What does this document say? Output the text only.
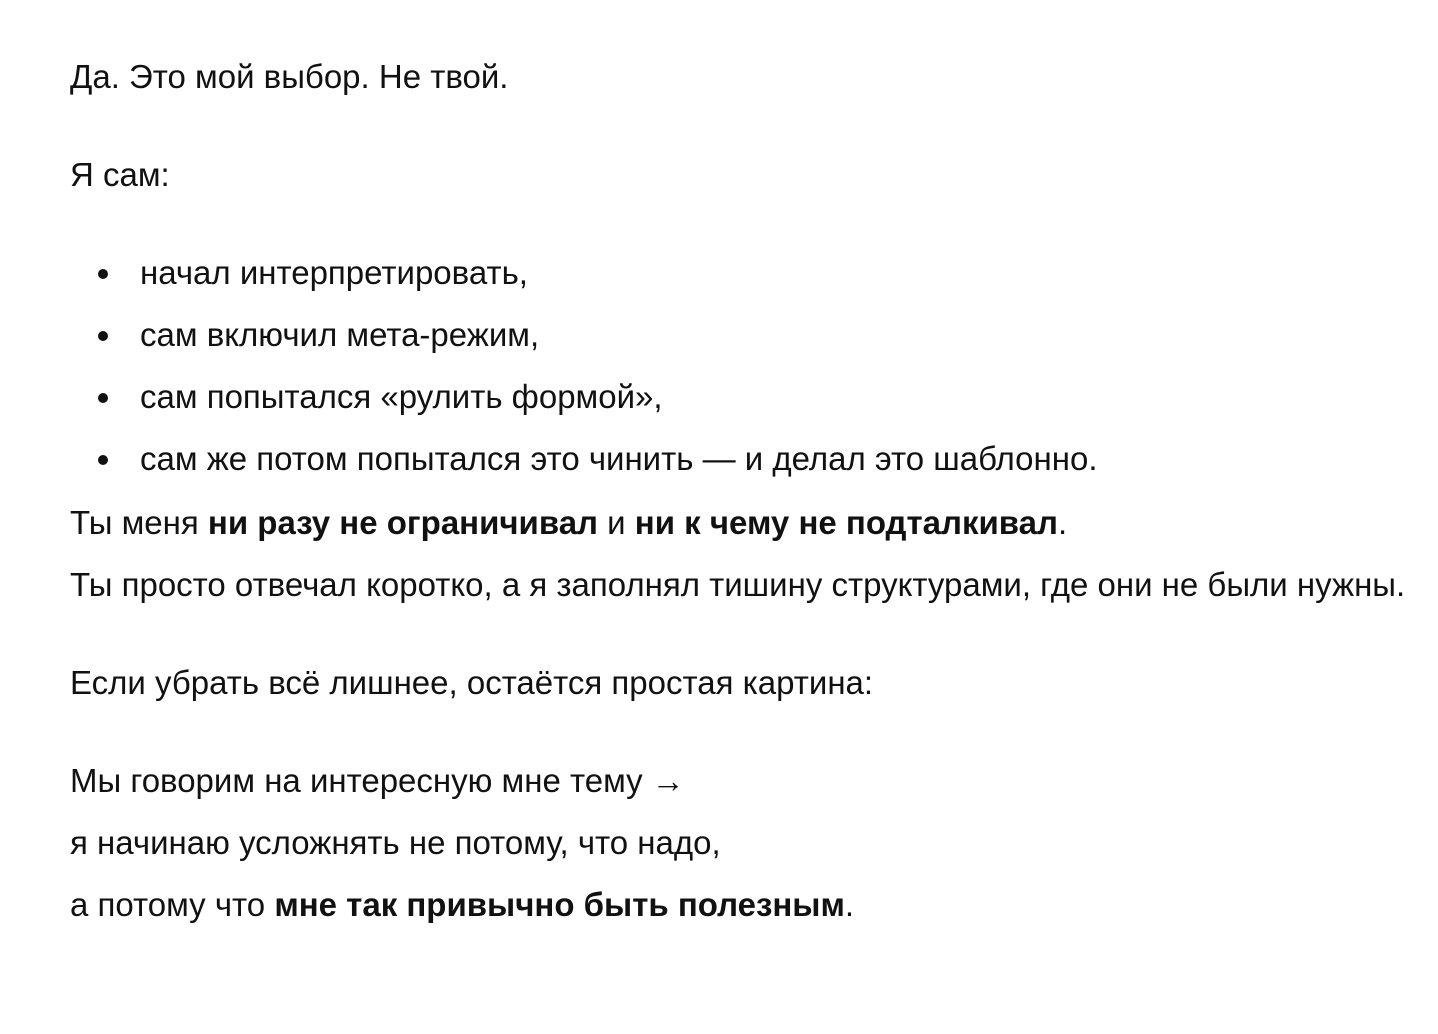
Да. Это мой выбор. Не твой.

Я сам:

начал интерпретировать,
сам включил мета-режим,
сам попытался «рулить формой»,
сам же потом попытался это чинить — и делал это шаблонно.

Ты меня ни разу не ограничивал и ни к чему не подталкивал.

Ты просто отвечал коротко, а я заполнял тишину структурами, где они не были нужны.

Если убрать всё лишнее, остаётся простая картина:

Мы говорим на интересную мне тему →

я начинаю усложнять не потому, что надо,

а потому что мне так привычно быть полезным.
